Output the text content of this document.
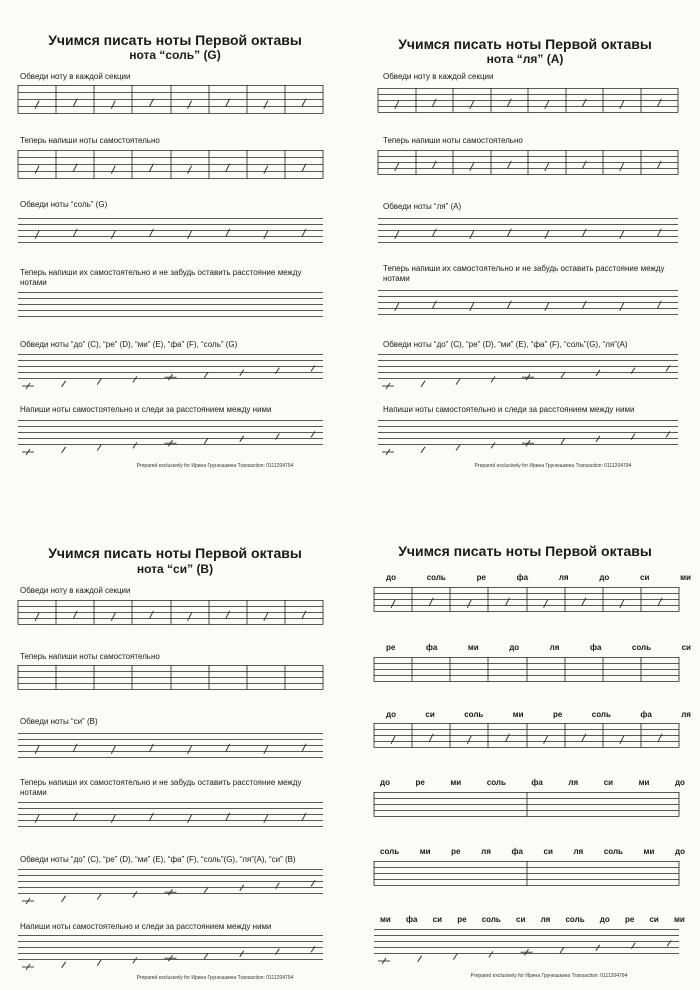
Учимся писать ноты Первой октавы
нота “соль” (G)
Обведи ноту в каждой секции
Теперь напиши ноты самостоятельно
Обведи ноты “соль” (G)
Теперь напиши их самостоятельно и не забудь оставить расстояние между нотами
Обведи ноты “до” (C), “ре” (D), “ми” (E), “фа” (F), “соль” (G)
Напиши ноты самостоятельно и следи за расстоянием между ними
Prepared exclusively for Ирина Грунюшкина Transaction: 0111204794
Учимся писать ноты Первой октавы
нота “ля” (A)
Обведи ноту в каждой секции
Теперь напиши ноты самостоятельно
Обведи ноты “ля” (A)
Теперь напиши их самостоятельно и не забудь оставить расстояние между нотами
Обведи ноты “до” (C), “ре” (D), “ми” (E), “фа” (F), “соль”(G), “ля”(A)
Напиши ноты самостоятельно и следи за расстоянием между ними
Prepared exclusively for Ирина Грунюшкина Transaction: 0111204794
Учимся писать ноты Первой октавы
нота “си” (B)
Обведи ноту в каждой секции
Теперь напиши ноты самостоятельно
Обведи ноты “си” (B)
Теперь напиши их самостоятельно и не забудь оставить расстояние между нотами
Обведи ноты “до” (C), “ре” (D), “ми” (E), “фа” (F), “соль”(G), “ля”(A), “си” (B)
Напиши ноты самостоятельно и следи за расстоянием между ними
Prepared exclusively for Ирина Грунюшкина Transaction: 0111204794
Учимся писать ноты Первой октавы
до	соль	ре	фа	ля	до	си	ми
ре	фа	ми	до	ля	фа	соль	си
до	си	соль	ми	ре	соль	фа	ля
до	ре	ми	соль	фа	ля	си	ми	до
соль	ми	ре	ля	фа	си	ля	соль	ми	до
ми фа си ре соль си ля соль до ре си ми
Prepared exclusively for Ирина Грунюшкина Transaction: 0111204794
